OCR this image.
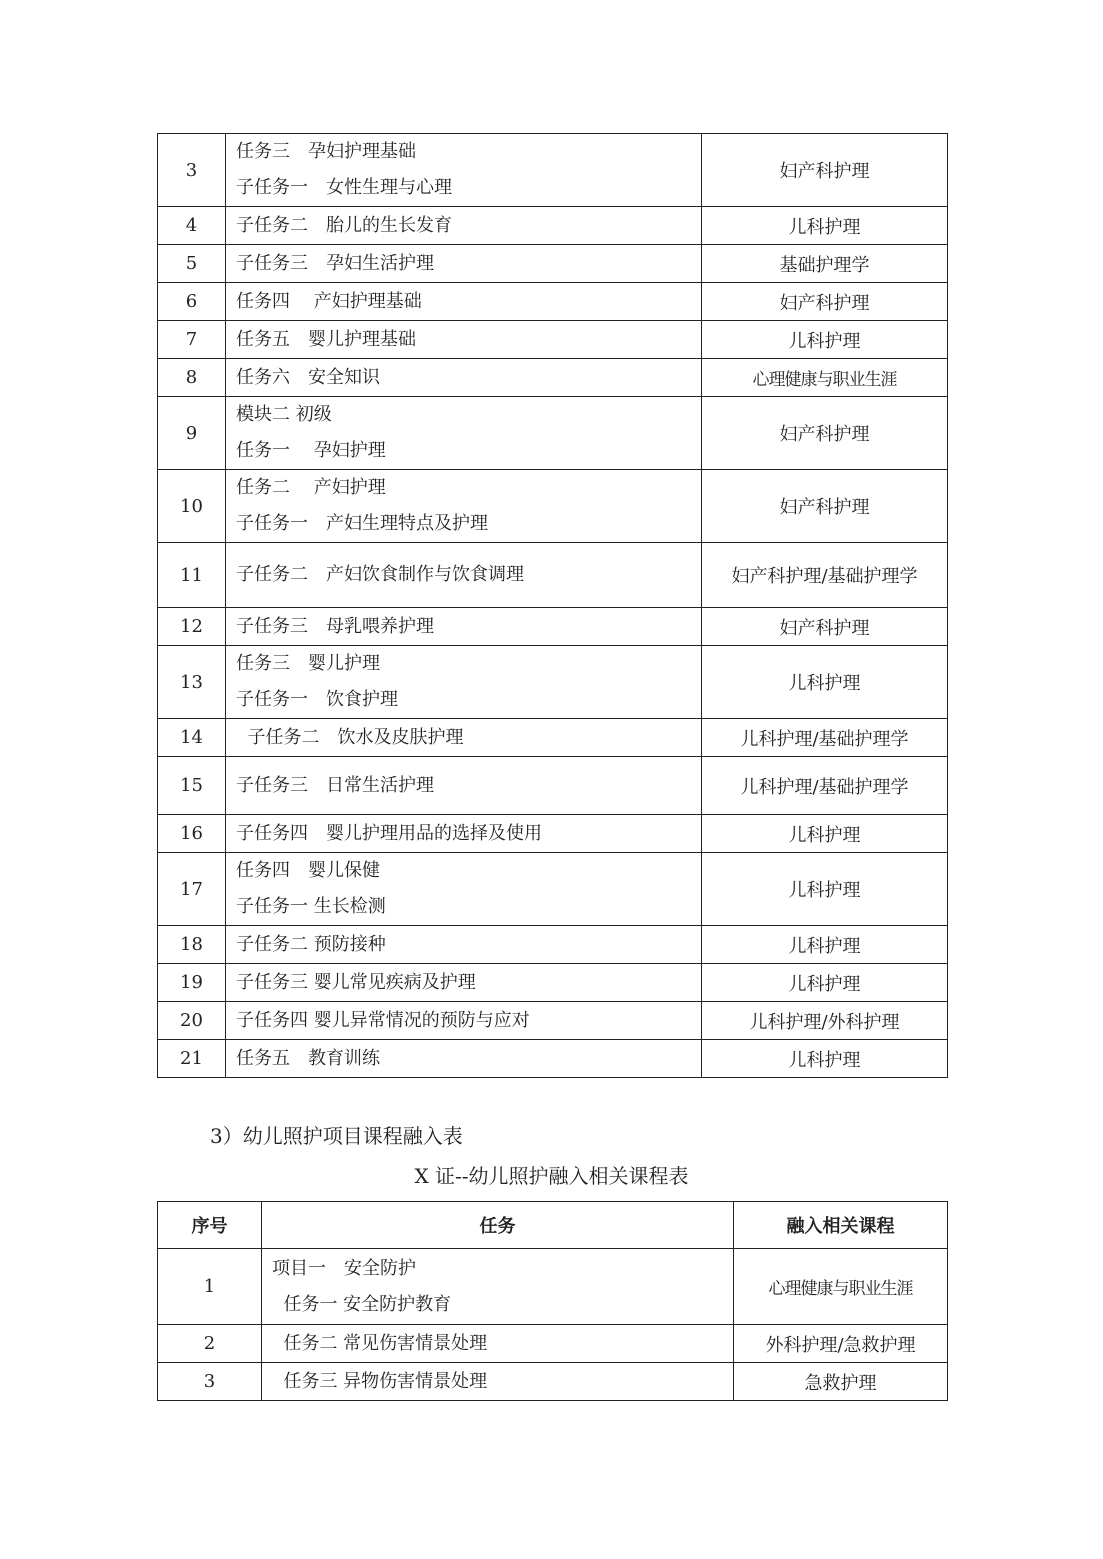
3	任务三　孕妇护理基础
子任务一　女性生理与心理	妇产科护理
4	子任务二　胎儿的生长发育	儿科护理
5	子任务三　孕妇生活护理	基础护理学
6	任务四　 产妇护理基础	妇产科护理
7	任务五　婴儿护理基础	儿科护理
8	任务六　安全知识	心理健康与职业生涯
9	模块二 初级
任务一　 孕妇护理	妇产科护理
10	任务二　 产妇护理
子任务一　产妇生理特点及护理	妇产科护理
11	子任务二　产妇饮食制作与饮食调理	妇产科护理/基础护理学
12	子任务三　母乳喂养护理	妇产科护理
13	任务三　婴儿护理
子任务一　饮食护理	儿科护理
14	子任务二　饮水及皮肤护理	儿科护理/基础护理学
15	子任务三　日常生活护理	儿科护理/基础护理学
16	子任务四　婴儿护理用品的选择及使用	儿科护理
17	任务四　婴儿保健
子任务一 生长检测	儿科护理
18	子任务二 预防接种	儿科护理
19	子任务三 婴儿常见疾病及护理	儿科护理
20	子任务四 婴儿异常情况的预防与应对	儿科护理/外科护理
21	任务五　教育训练	儿科护理
3）幼儿照护项目课程融入表
X 证--幼儿照护融入相关课程表
序号	任务	融入相关课程
1	项目一　安全防护
任务一 安全防护教育	心理健康与职业生涯
2	任务二 常见伤害情景处理	外科护理/急救护理
3	任务三 异物伤害情景处理	急救护理
